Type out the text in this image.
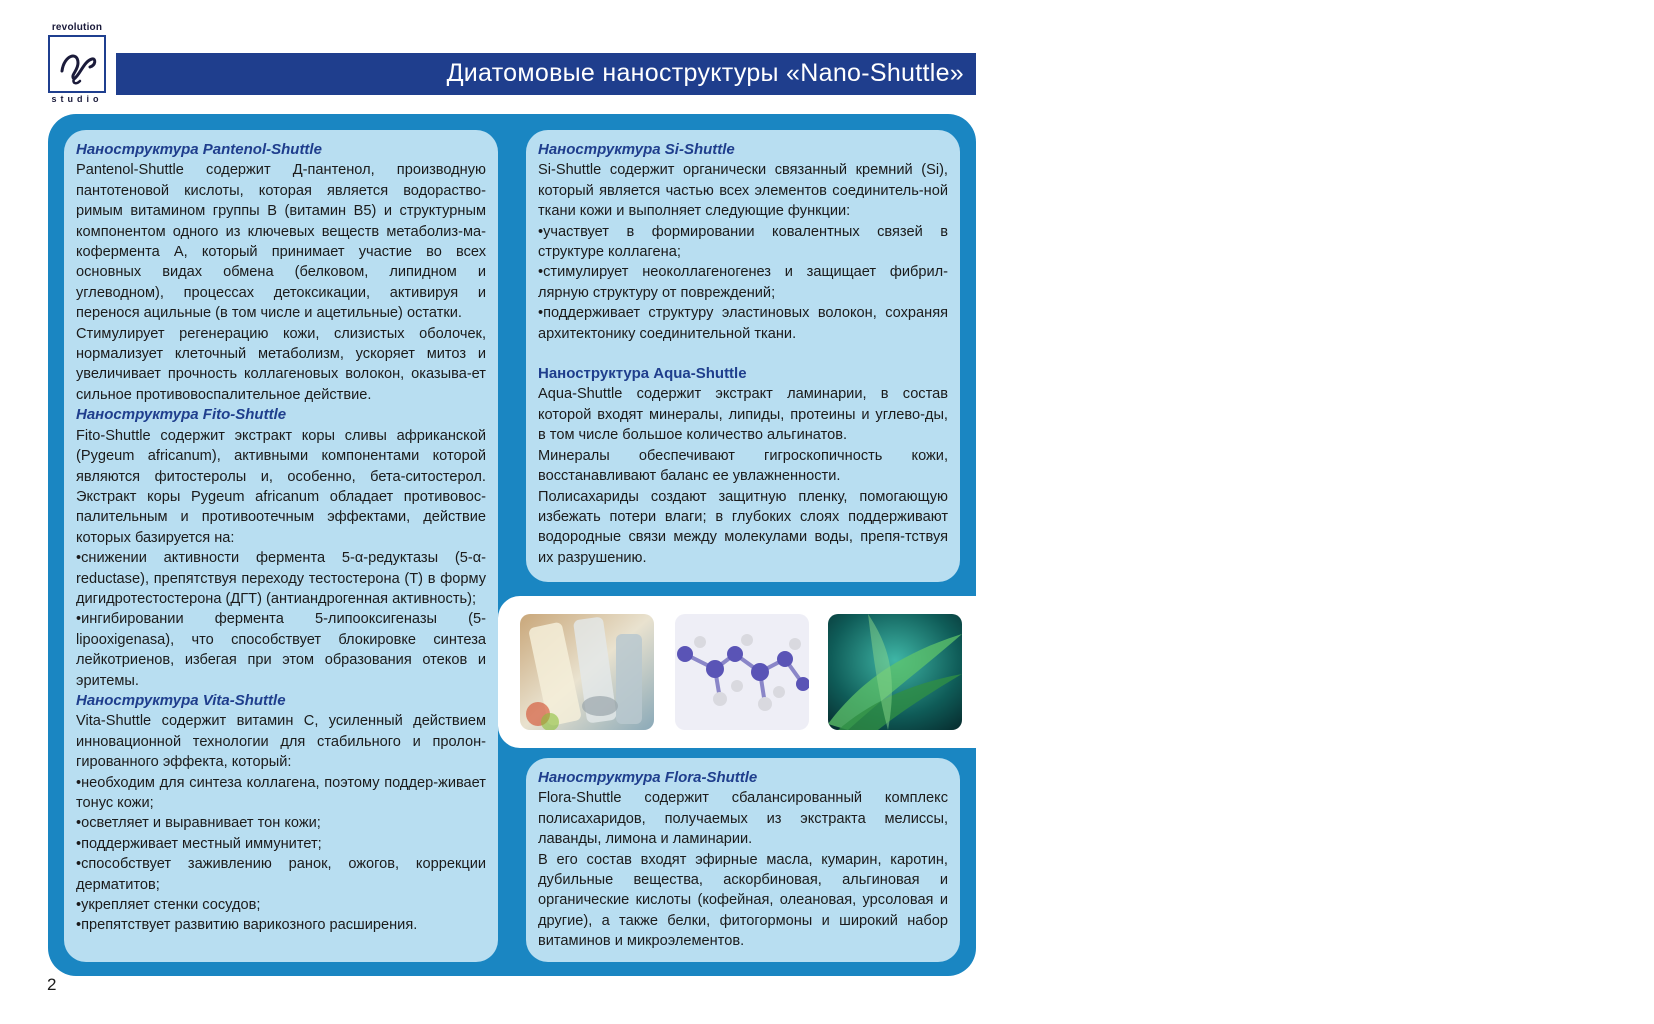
revolution
studio
Диатомовые наноструктуры «Nano-Shuttle»
Наноструктура Pantenol-Shuttle

Pantenol-Shuttle содержит Д-пантенол, производную пантотеновой кислоты, которая является водораство-римым витамином группы В (витамин В5) и структурным компонентом одного из ключевых веществ метаболиз-ма- кофермента А, который принимает участие во всех основных видах обмена (белковом, липидном и углеводном), процессах детоксикации, активируя и перенося ацильные (в том числе и ацетильные) остатки.

Стимулирует регенерацию кожи, слизистых оболочек, нормализует клеточный метаболизм, ускоряет митоз и увеличивает прочность коллагеновых волокон, оказыва-ет сильное противовоспалительное действие.

Наноструктура Fito-Shuttle

Fito-Shuttle содержит экстракт коры сливы африканской (Pygeum africanum), активными компонентами которой являются фитостеролы и, особенно, бета-ситостерол. Экстракт коры Pygeum africanum обладает противовос-палительным и противоотечным эффектами, действие которых базируется на:

•снижении активности фермента 5-α-редуктазы (5-α-reductase), препятствуя переходу тестостерона (Т) в форму дигидротестостерона (ДГТ) (антиандрогенная активность);

•ингибировании фермента 5-липооксигеназы (5-lipooxigenasa), что способствует блокировке синтеза лейкотриенов, избегая при этом образования отеков и эритемы.

Наноструктура Vita-Shuttle

Vita-Shuttle содержит витамин С, усиленный действием инновационной технологии для стабильного и пролон-гированного эффекта, который:

•необходим для синтеза коллагена, поэтому поддер-живает тонус кожи;

•осветляет и выравнивает тон кожи;

•поддерживает местный иммунитет;

•способствует заживлению ранок, ожогов, коррекции дерматитов;

•укрепляет стенки сосудов;

•препятствует развитию варикозного расширения.

Наноструктура Si-Shuttle

Si-Shuttle содержит органически связанный кремний (Si), который является частью всех элементов соединитель-ной ткани кожи и выполняет следующие функции:

•участвует в формировании ковалентных связей в структуре коллагена;

•стимулирует неоколлагеногенез и защищает фибрил-лярную структуру от повреждений;

•поддерживает структуру эластиновых волокон, сохраняя архитектонику соединительной ткани.

Наноструктура Aqua-Shuttle

Aqua-Shuttle содержит экстракт ламинарии, в состав которой входят минералы, липиды, протеины и углево-ды, в том числе большое количество альгинатов.

Минералы обеспечивают гигроскопичность кожи, восстанавливают баланс ее увлажненности.

Полисахариды создают защитную пленку, помогающую избежать потери влаги; в глубоких слоях поддерживают водородные связи между молекулами воды, препя-тствуя их разрушению.

Наноструктура Flora-Shuttle

Flora-Shuttle содержит сбалансированный комплекс полисахаридов, получаемых из экстракта мелиссы, лаванды, лимона и ламинарии.

В его состав входят эфирные масла, кумарин, каротин, дубильные вещества, аскорбиновая, альгиновая и органические кислоты (кофейная, олеановая, урсоловая и другие), а также белки, фитогормоны и широкий набор витаминов и микроэлементов.

2
